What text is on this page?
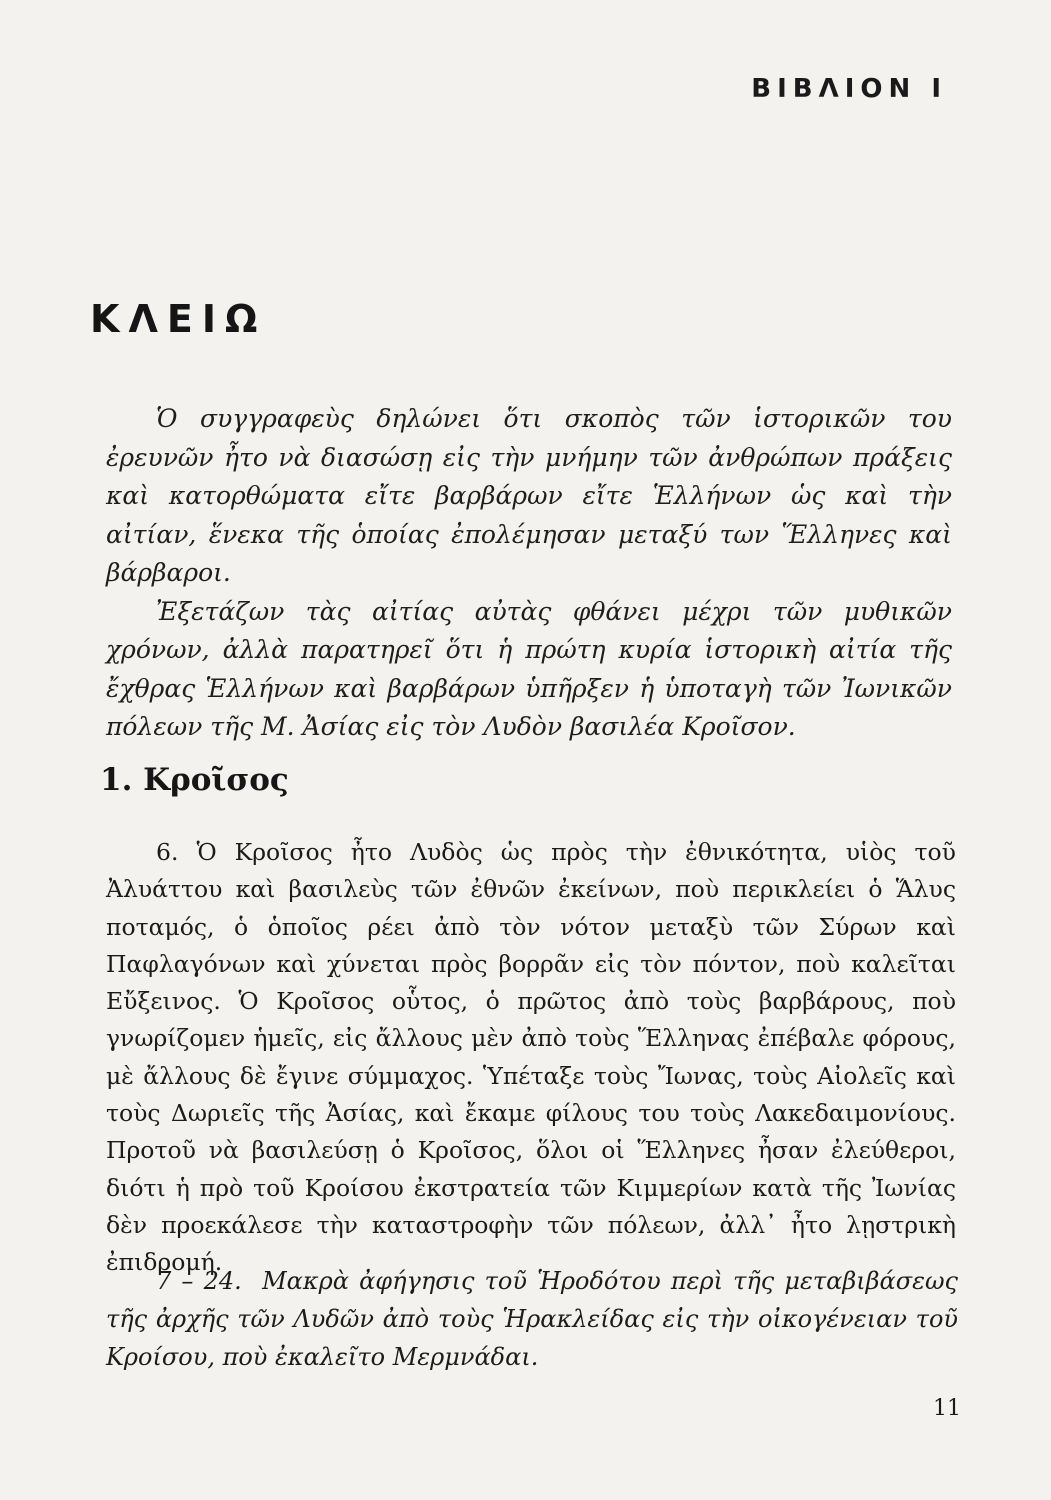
ΒΙΒΛΙΟΝ Ι
ΚΛΕΙΩ

Ὁ συγγραφεὺς δηλώνει ὅτι σκοπὸς τῶν ἱστορικῶν του ἐρευνῶν ἦτο νὰ διασώσῃ εἰς τὴν μνήμην τῶν ἀνθρώπων πράξεις καὶ κατορθώματα εἴτε βαρβάρων εἴτε Ἑλλήνων ὡς καὶ τὴν αἰτίαν, ἕνεκα τῆς ὁποίας ἐπολέμησαν μεταξύ των Ἕλληνες καὶ βάρβαροι.

Ἐξετάζων τὰς αἰτίας αὐτὰς φθάνει μέχρι τῶν μυθικῶν χρόνων, ἀλλὰ παρατηρεῖ ὅτι ἡ πρώτη κυρία ἱστορικὴ αἰτία τῆς ἔχθρας Ἑλλήνων καὶ βαρβάρων ὑπῆρξεν ἡ ὑποταγὴ τῶν Ἰωνικῶν πόλεων τῆς Μ. Ἀσίας εἰς τὸν Λυδὸν βασιλέα Κροῖσον.

1. Κροῖσος

6. Ὁ Κροῖσος ἦτο Λυδὸς ὡς πρὸς τὴν ἐθνικότητα, υἱὸς τοῦ Ἀλυάττου καὶ βασιλεὺς τῶν ἐθνῶν ἐκείνων, ποὺ περικλείει ὁ Ἅλυς ποταμός, ὁ ὁποῖος ρέει ἀπὸ τὸν νότον μεταξὺ τῶν Σύρων καὶ Παφλαγόνων καὶ χύνεται πρὸς βορρᾶν εἰς τὸν πόντον, ποὺ καλεῖται Εὔξεινος. Ὁ Κροῖσος οὗτος, ὁ πρῶτος ἀπὸ τοὺς βαρβάρους, ποὺ γνωρίζομεν ἡμεῖς, εἰς ἄλλους μὲν ἀπὸ τοὺς Ἕλληνας ἐπέβαλε φόρους, μὲ ἄλλους δὲ ἔγινε σύμμαχος. Ὑπέταξε τοὺς Ἴωνας, τοὺς Αἰολεῖς καὶ τοὺς Δωριεῖς τῆς Ἀσίας, καὶ ἔκαμε φίλους του τοὺς Λακεδαιμονίους. Προτοῦ νὰ βασιλεύσῃ ὁ Κροῖσος, ὅλοι οἱ Ἕλληνες ἦσαν ἐλεύθεροι, διότι ἡ πρὸ τοῦ Κροίσου ἐκστρατεία τῶν Κιμμερίων κατὰ τῆς Ἰωνίας δὲν προεκάλεσε τὴν καταστροφὴν τῶν πόλεων, ἀλλ᾽ ἦτο λῃστρικὴ ἐπιδρομή.

7 – 24. Μακρὰ ἀφήγησις τοῦ Ἡροδότου περὶ τῆς μεταβιβάσεως τῆς ἀρχῆς τῶν Λυδῶν ἀπὸ τοὺς Ἡρακλείδας εἰς τὴν οἰκογένειαν τοῦ Κροίσου, ποὺ ἐκαλεῖτο Μερμνάδαι.

11
